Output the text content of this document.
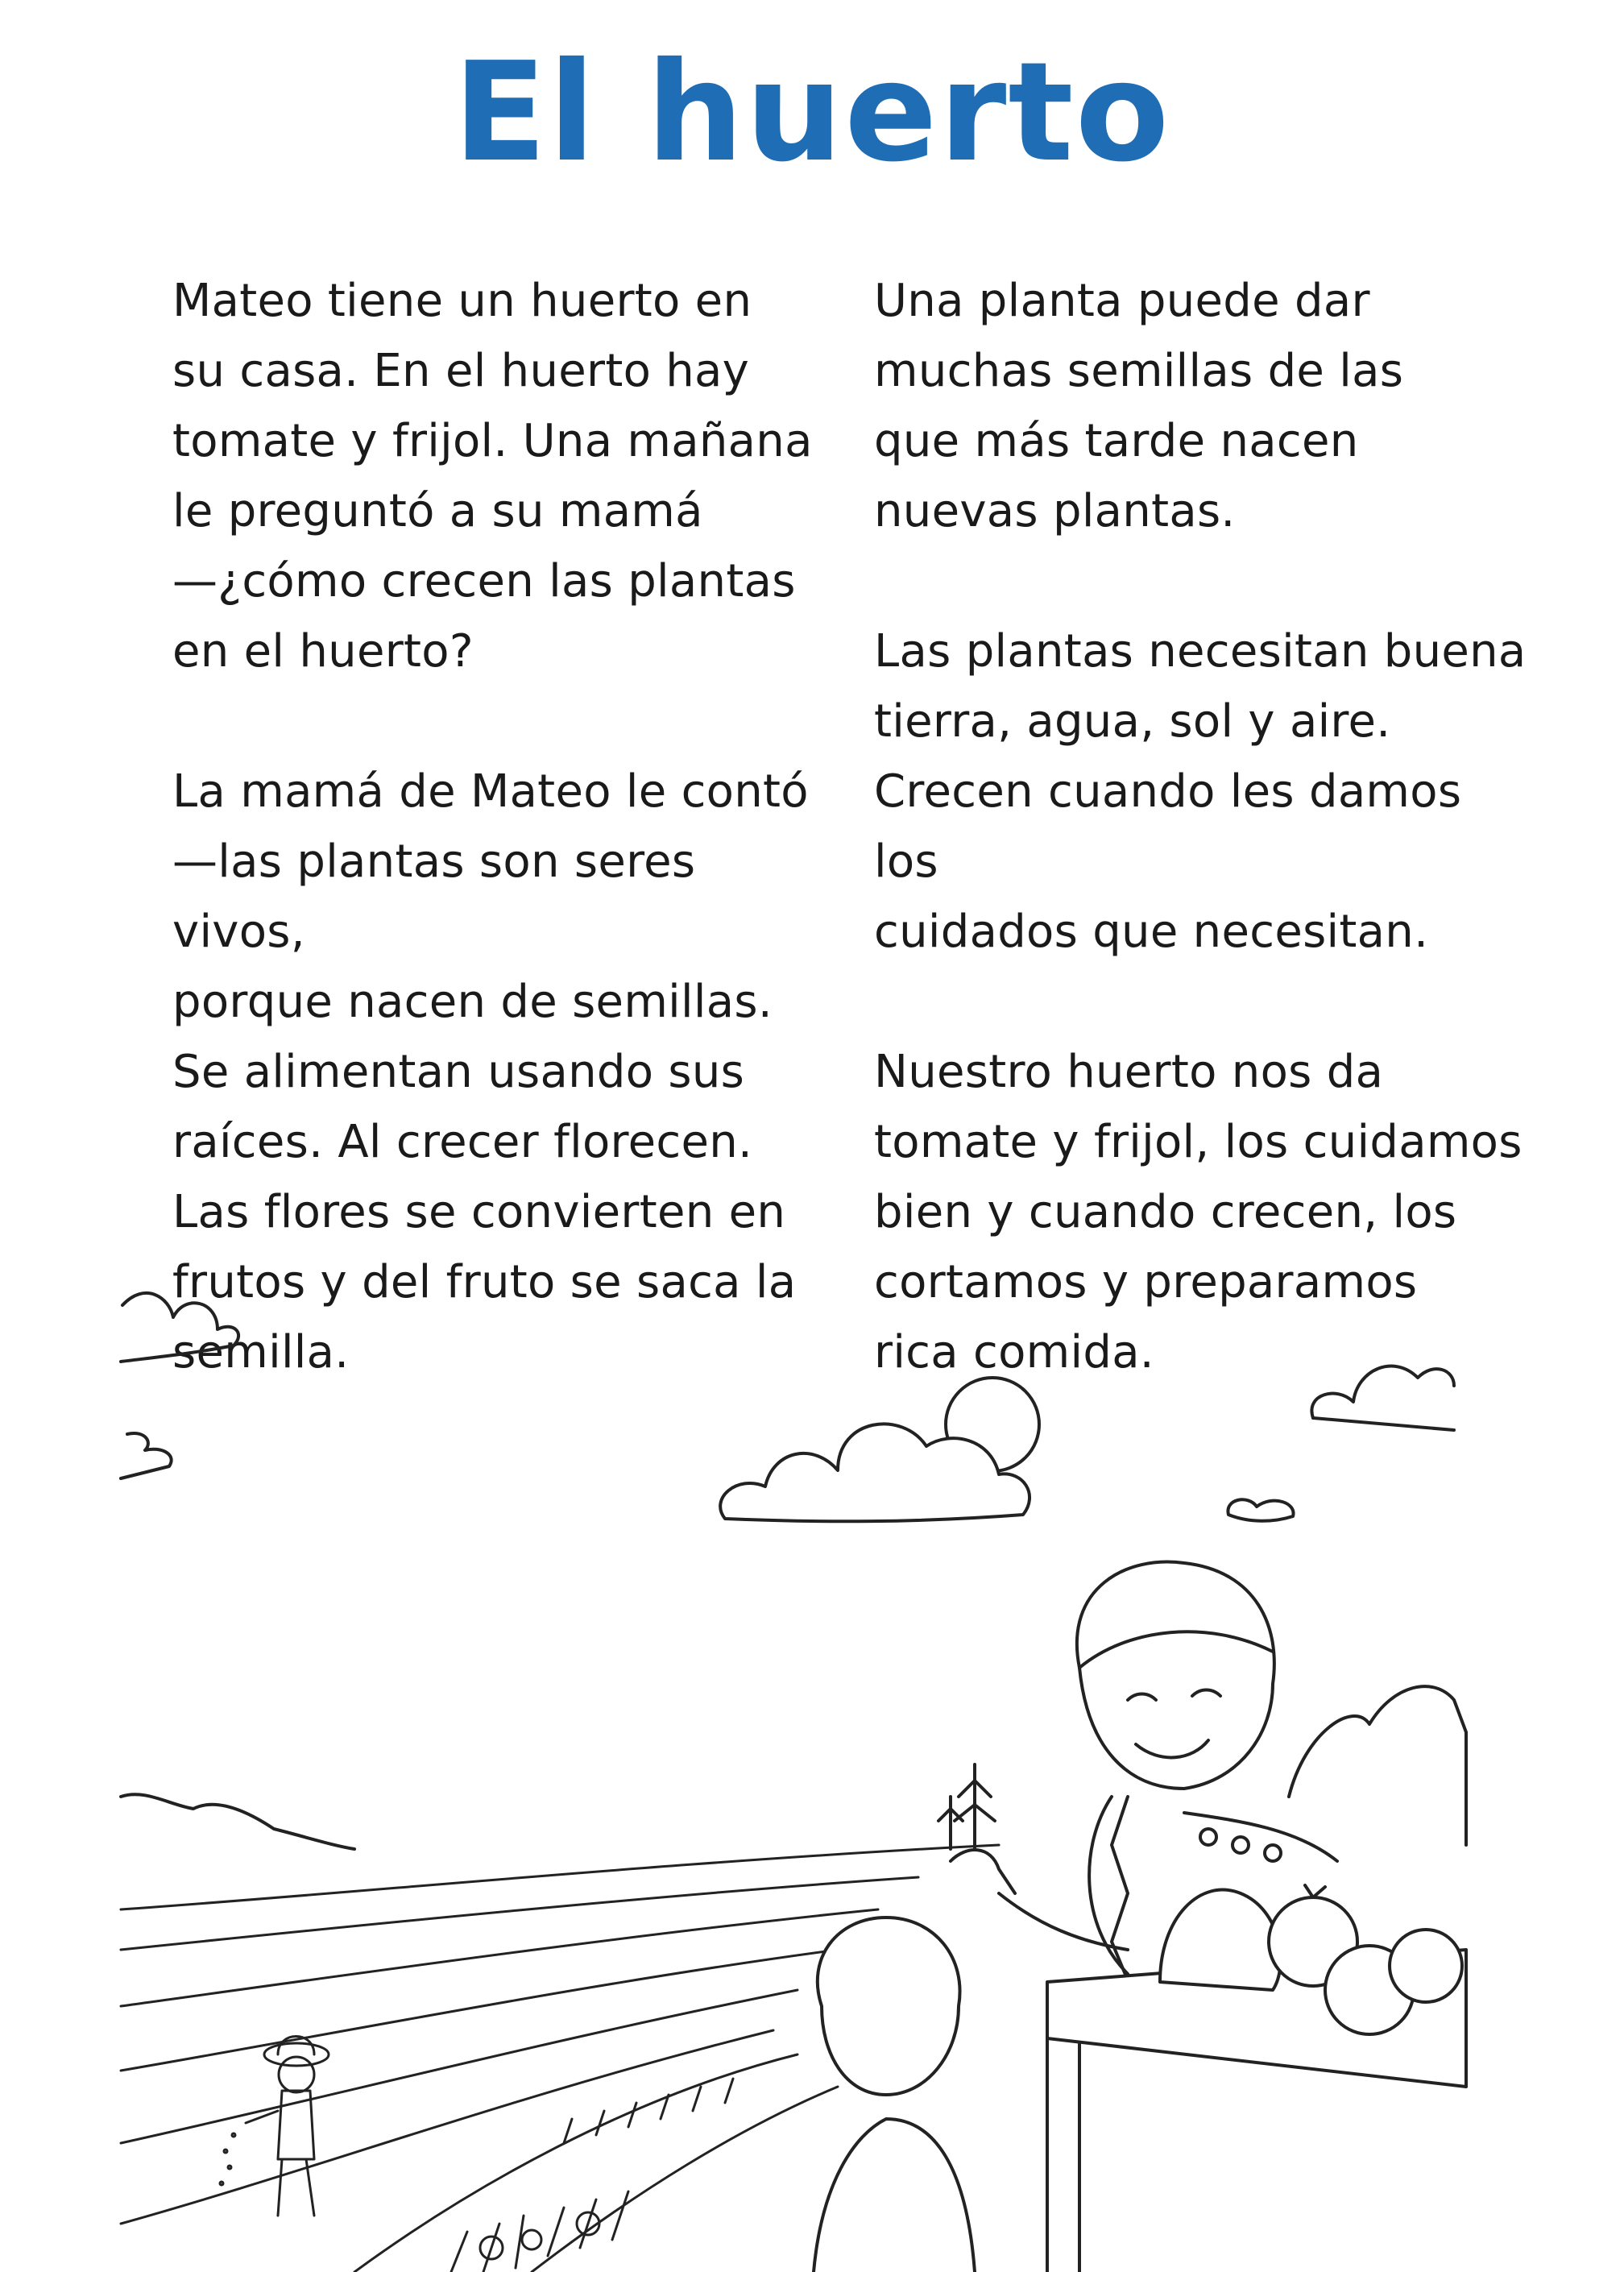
El huerto

Mateo tiene un huerto en
su casa. En el huerto hay
tomate y frijol. Una mañana
le preguntó a su mamá
—¿cómo crecen las plantas
en el huerto?

La mamá de Mateo le contó
—las plantas son seres vivos,
porque nacen de semillas.
Se alimentan usando sus
raíces. Al crecer florecen.
Las flores se convierten en
frutos y del fruto se saca la
semilla.

Una planta puede dar
muchas semillas de las
que más tarde nacen
nuevas plantas.

Las plantas necesitan buena
tierra, agua, sol y aire.
Crecen cuando les damos los
cuidados que necesitan.

Nuestro huerto nos da
tomate y frijol, los cuidamos
bien y cuando crecen, los
cortamos y preparamos
rica comida.
